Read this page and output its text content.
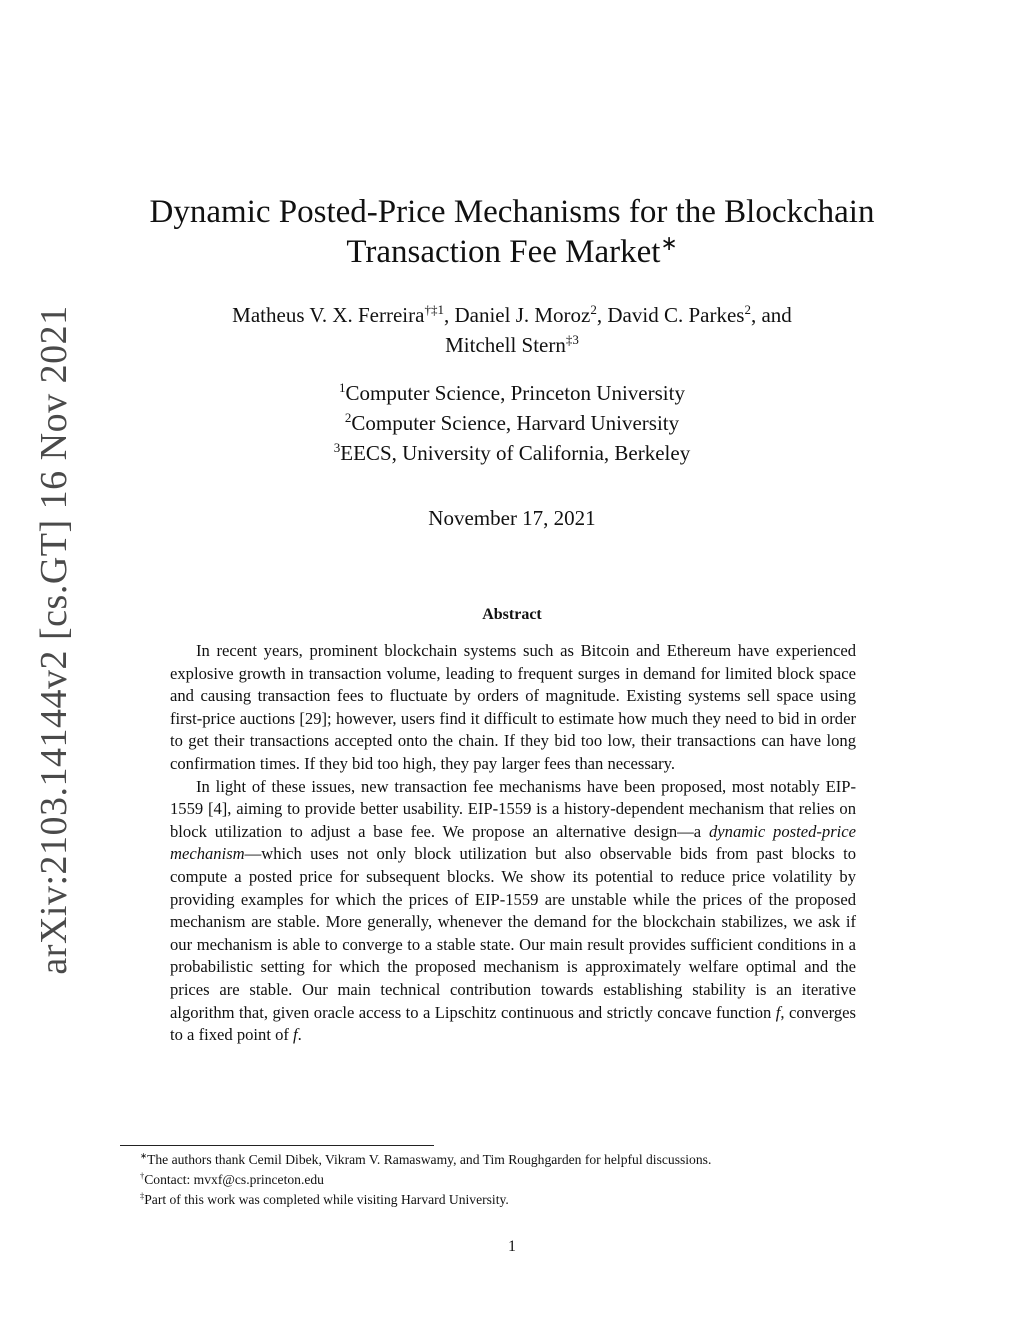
arXiv:2103.14144v2 [cs.GT] 16 Nov 2021
Dynamic Posted-Price Mechanisms for the Blockchain
Transaction Fee Market∗
Matheus V. X. Ferreira$^{\dagger\ddagger 1}$, Daniel J. Moroz$^2$, David C. Parkes$^2$, and
Mitchell Stern$^{\ddagger 3}$
$^1$Computer Science, Princeton University
$^2$Computer Science, Harvard University
$^3$EECS, University of California, Berkeley
November 17, 2021
Abstract

In recent years, prominent blockchain systems such as Bitcoin and Ethereum have experienced explosive growth in transaction volume, leading to frequent surges in demand for limited block space and causing transaction fees to fluctuate by orders of magnitude. Existing systems sell space using first-price auctions [29]; however, users find it difficult to estimate how much they need to bid in order to get their transactions accepted onto the chain. If they bid too low, their transactions can have long confirmation times. If they bid too high, they pay larger fees than necessary.

In light of these issues, new transaction fee mechanisms have been proposed, most notably EIP-1559 [4], aiming to provide better usability. EIP-1559 is a history-dependent mechanism that relies on block utilization to adjust a base fee. We propose an alternative design—a dynamic posted-price mechanism—which uses not only block utilization but also observable bids from past blocks to compute a posted price for subsequent blocks. We show its potential to reduce price volatility by providing examples for which the prices of EIP-1559 are unstable while the prices of the proposed mechanism are stable. More generally, whenever the demand for the blockchain stabilizes, we ask if our mechanism is able to converge to a stable state. Our main result provides sufficient conditions in a probabilistic setting for which the proposed mechanism is approximately welfare optimal and the prices are stable. Our main technical contribution towards establishing stability is an iterative algorithm that, given oracle access to a Lipschitz continuous and strictly concave function f, converges to a fixed point of f.

∗The authors thank Cemil Dibek, Vikram V. Ramaswamy, and Tim Roughgarden for helpful discussions.
†Contact: mvxf@cs.princeton.edu
‡Part of this work was completed while visiting Harvard University.
1
